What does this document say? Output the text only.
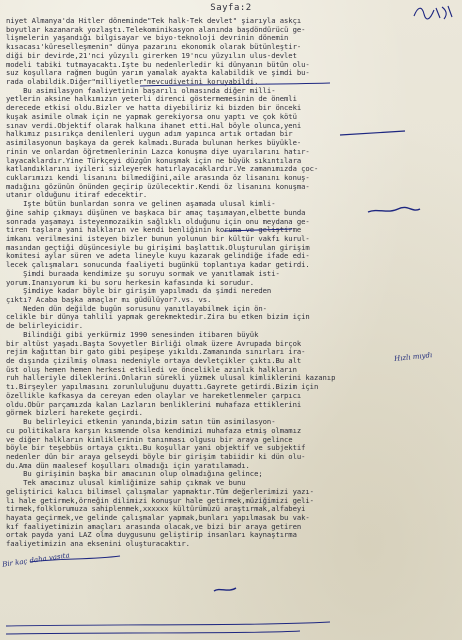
Sayfa:2
niyet Almanya'da Hitler döneminde"Tek halk-Tek devlet" şiarıyla askçı
boyutlar kazanarak yozlaştı.Telekominikasyon alanında başdöndürücü ge-
lişmelerin yaşandığı bilgisayar ve biyo-teknoloji devrinin dönemin
kısacası'küreselleşmenin" dünya pazarını ekonomik olarak bütünleştir-
diği bir devirde,21'nci yüzyılı girerken 19'ncu yüzyılın ulus-devlet
modeli tabiki tutmayacaktı.Işte bu nedenlerledir ki dünyanın bütün olu-
suz koşullara rağmen bugün yarım yamalak ayakta kalabildik ve şimdi bu-
rada olabildik.Diğer"milliyetler"mevcudiyetini koruyabildi.
Bu asimilasyon faaliyetinin başarılı olmasında diğer milli-
yetlerin aksine halkımızın yeterli direnci göstermemesinin de önemli
derecede etkisi oldu.Bizler ve hatta diyebiliriz ki bizden bir önceki
kuşak asimile olmak için ne yapmak gerekiyorsa onu yaptı ve çok kötü
sınav verdi.Objektif olarak halkına ihanet etti.Hal böyle olunca,yeni
halkımız pısırıkça denilenleri uygun adım yapınca artık ortadan bir
asimilasyonun başkaya da gerek kalmadı.Burada bulunan herkes büyükle-
rinin ve onlardan öğretmenlerinin Lazca konuşma diye uyarılarını hatır-
layacaklardır.Yine Türkçeyi düzgün konuşmak için ne büyük sıkıntılara
katlandıklarını iyileri sizleyerek hatırlayacaklardır.Ve zamanımızda çoc-
cuklarımızı kendi lisanını bilmediğini,aile arasında öz lisanını konuş-
madığını gözünün önünden geçirip üzülecektir.Kendi öz lisanını konuşma-
utanır olduğunu itiraf edecektir.
Işte bütün bunlardan sonra ve gelinen aşamada ulusal kimli-
ğine sahip çıkmayı düşünen ve başkaca bir amaç taşımayan,elbette bunda
sonrada yaşamayı isteyenmozaikin sağlıklı olduğunu için onu meydana ge-
tiren taşlara yani halkların ve kendi benliğinin koruma ve geliştirme
imkanı verilmesini isteyen bizler bunun yolunun bir kültür vakfı kurul-
masından geçtiği düşüncesiyle bu girişimi başlattık.Oluşturulan girişim
komitesi aylar süren ve adeta lineyle kuyu kazarak gelindiğe ifade edi-
lecek çalışmaları sonucunda faaliyeti bugünkü toplantıya kadar getirdi.
Şimdi buraada kendimize şu soruyu sormak ve yanıtlamak isti-
yorum.Inanıyorum ki bu soru herkesin kafasında ki sorudur.
Şimdiye kadar böyle bir girişim yapılmadı da şimdi nereden
çıktı? Acaba başka amaçlar mı güdülüyor?.vs. vs.
Neden dün değilde bugün sorusunu yanıtlayabilmek için ön-
celikle bir dünya tahlili yapmak gerekmektedir.Zira bu etken bizim için
de belirleyicidir.
Bilindiği gibi yerkürmiz 1990 senesinden itibaren büyük
bir altüst yaşadı.Başta Sovyetler Birliği olmak üzere Avrupada birçok
rejim kağıttan bir gato gibi peşipeşe yıkıldı.Zamanında sınırları ira-
de dışında çizilmiş olması nedeniyle ortaya devletçikler çıktı.Bu alt
üst oluş hemen hemen herkesi etkiledi ve öncelikle azınlık halkların
ruh halleriyle dileklerini.Onların sürekli yüzmek ulusal kimliklerini kazanıp
tı.Birşeyler yapılmasını zorunluluğunu duyattı.Gayrete getirdi.Bizim için
özellikle kafkasya da cereyan eden olaylar ve hareketlenmeler çarpıcı
oldu.Öbür parçamızda kalan Lazların benliklerini muhafaza ettiklerini
görmek bizleri harekete geçirdi.
Bu belirleyici etkenin yanında,bizim satın tüm asimilasyon-
cu politikalara karşın kısmende olsa kendimizi muhafaza etmiş olmamız
ve diğer halkların kimliklerinin tanınması olgusu bir araya gelince
böyle bir teşebbüs ortaya çıktı.Bu koşullar yani objektif ve subjektif
nedenler dün bir araya gelseydi böyle bir girişim tabiidir ki dün olu-
du.Ama dün maalesef koşulları olmadığı için yaratılamadı.
Bu girişimin başka bir amacının olup olmadığına gelince;
Tek amacımız ulusal kimliğimize sahip çıkmak ve bunu
geliştirici kalıcı bilimsel çalışmalar yapmaktır.Tüm değerlerimizi yazı-
lı hale getirmek,örneğin dilimizi konuşur hale getirmek,müziğimizi geli-
tirmek,folklorumuza sahiplenmek,xxxxxx kültürümüzü araştırmak,alfabeyi
hayata geçirmek,ve gelinde çalışmalar yapmak,bunları yapılmasak bu vak-
kıf faaliyetimizin amaçları arasında olacak,ve bizi bir araya getiren
ortak payda yani LAZ olma duygusunu geliştirip insanları kaynaştırma
faaliyetimizin ana eksenini oluşturacaktır.
Hızlı mıydı
Bir kaç daha vasıta
